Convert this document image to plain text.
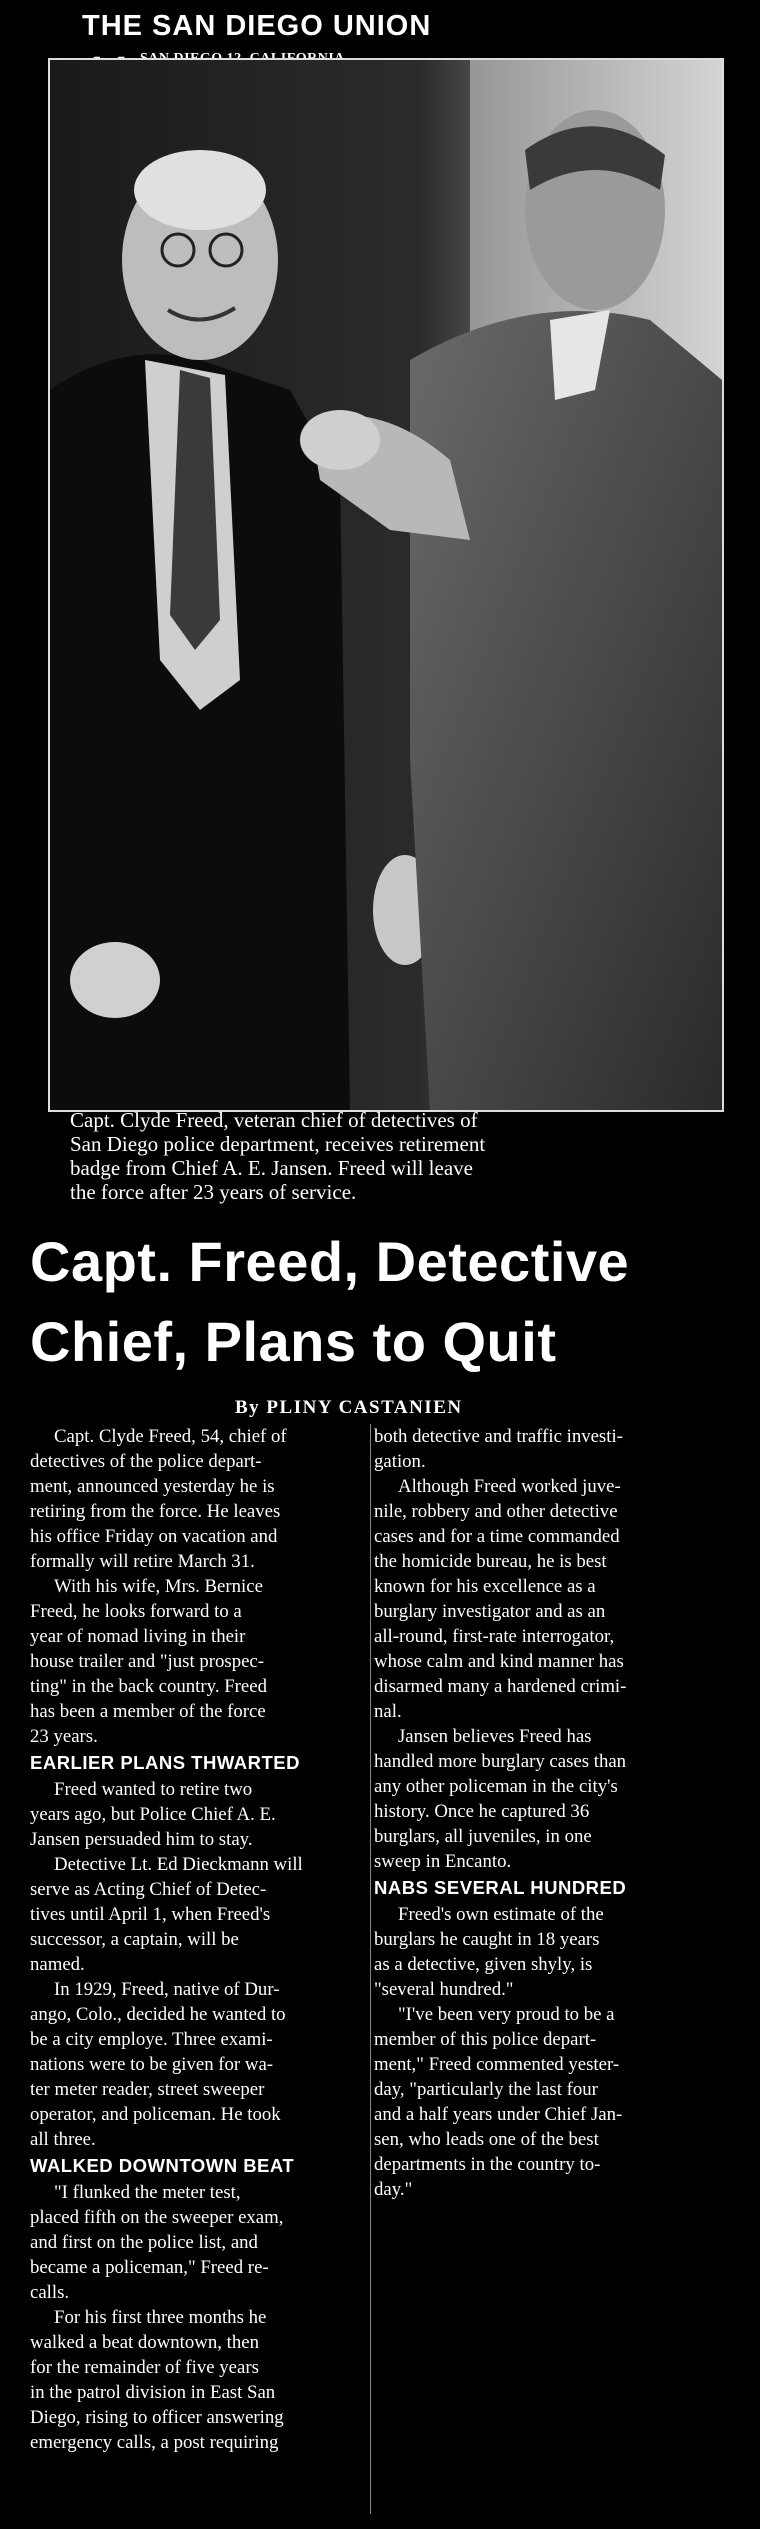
THE SAN DIEGO UNION
Capt. Clyde Freed, veteran chief of detectives of
San Diego police department, receives retirement
badge from Chief A. E. Jansen. Freed will leave
the force after 23 years of service.
Capt. Freed, Detective
Chief, Plans to Quit
By PLINY CASTANIEN
Capt. Clyde Freed, 54, chief of
detectives of the police depart-
ment, announced yesterday he is
retiring from the force. He leaves
his office Friday on vacation and
formally will retire March 31.
With his wife, Mrs. Bernice
Freed, he looks forward to a
year of nomad living in their
house trailer and "just prospec-
ting" in the back country. Freed
has been a member of the force
23 years.
EARLIER PLANS THWARTED
Freed wanted to retire two
years ago, but Police Chief A. E.
Jansen persuaded him to stay.
Detective Lt. Ed Dieckmann will
serve as Acting Chief of Detec-
tives until April 1, when Freed's
successor, a captain, will be
named.
In 1929, Freed, native of Dur-
ango, Colo., decided he wanted to
be a city employe. Three exami-
nations were to be given for wa-
ter meter reader, street sweeper
operator, and policeman. He took
all three.
WALKED DOWNTOWN BEAT
"I flunked the meter test,
placed fifth on the sweeper exam,
and first on the police list, and
became a policeman," Freed re-
calls.
For his first three months he
walked a beat downtown, then
for the remainder of five years
in the patrol division in East San
Diego, rising to officer answering
emergency calls, a post requiring
both detective and traffic investi-
gation.
Although Freed worked juve-
nile, robbery and other detective
cases and for a time commanded
the homicide bureau, he is best
known for his excellence as a
burglary investigator and as an
all-round, first-rate interrogator,
whose calm and kind manner has
disarmed many a hardened crimi-
nal.
Jansen believes Freed has
handled more burglary cases than
any other policeman in the city's
history. Once he captured 36
burglars, all juveniles, in one
sweep in Encanto.
NABS SEVERAL HUNDRED
Freed's own estimate of the
burglars he caught in 18 years
as a detective, given shyly, is
"several hundred."
"I've been very proud to be a
member of this police depart-
ment," Freed commented yester-
day, "particularly the last four
and a half years under Chief Jan-
sen, who leads one of the best
departments in the country to-
day."
